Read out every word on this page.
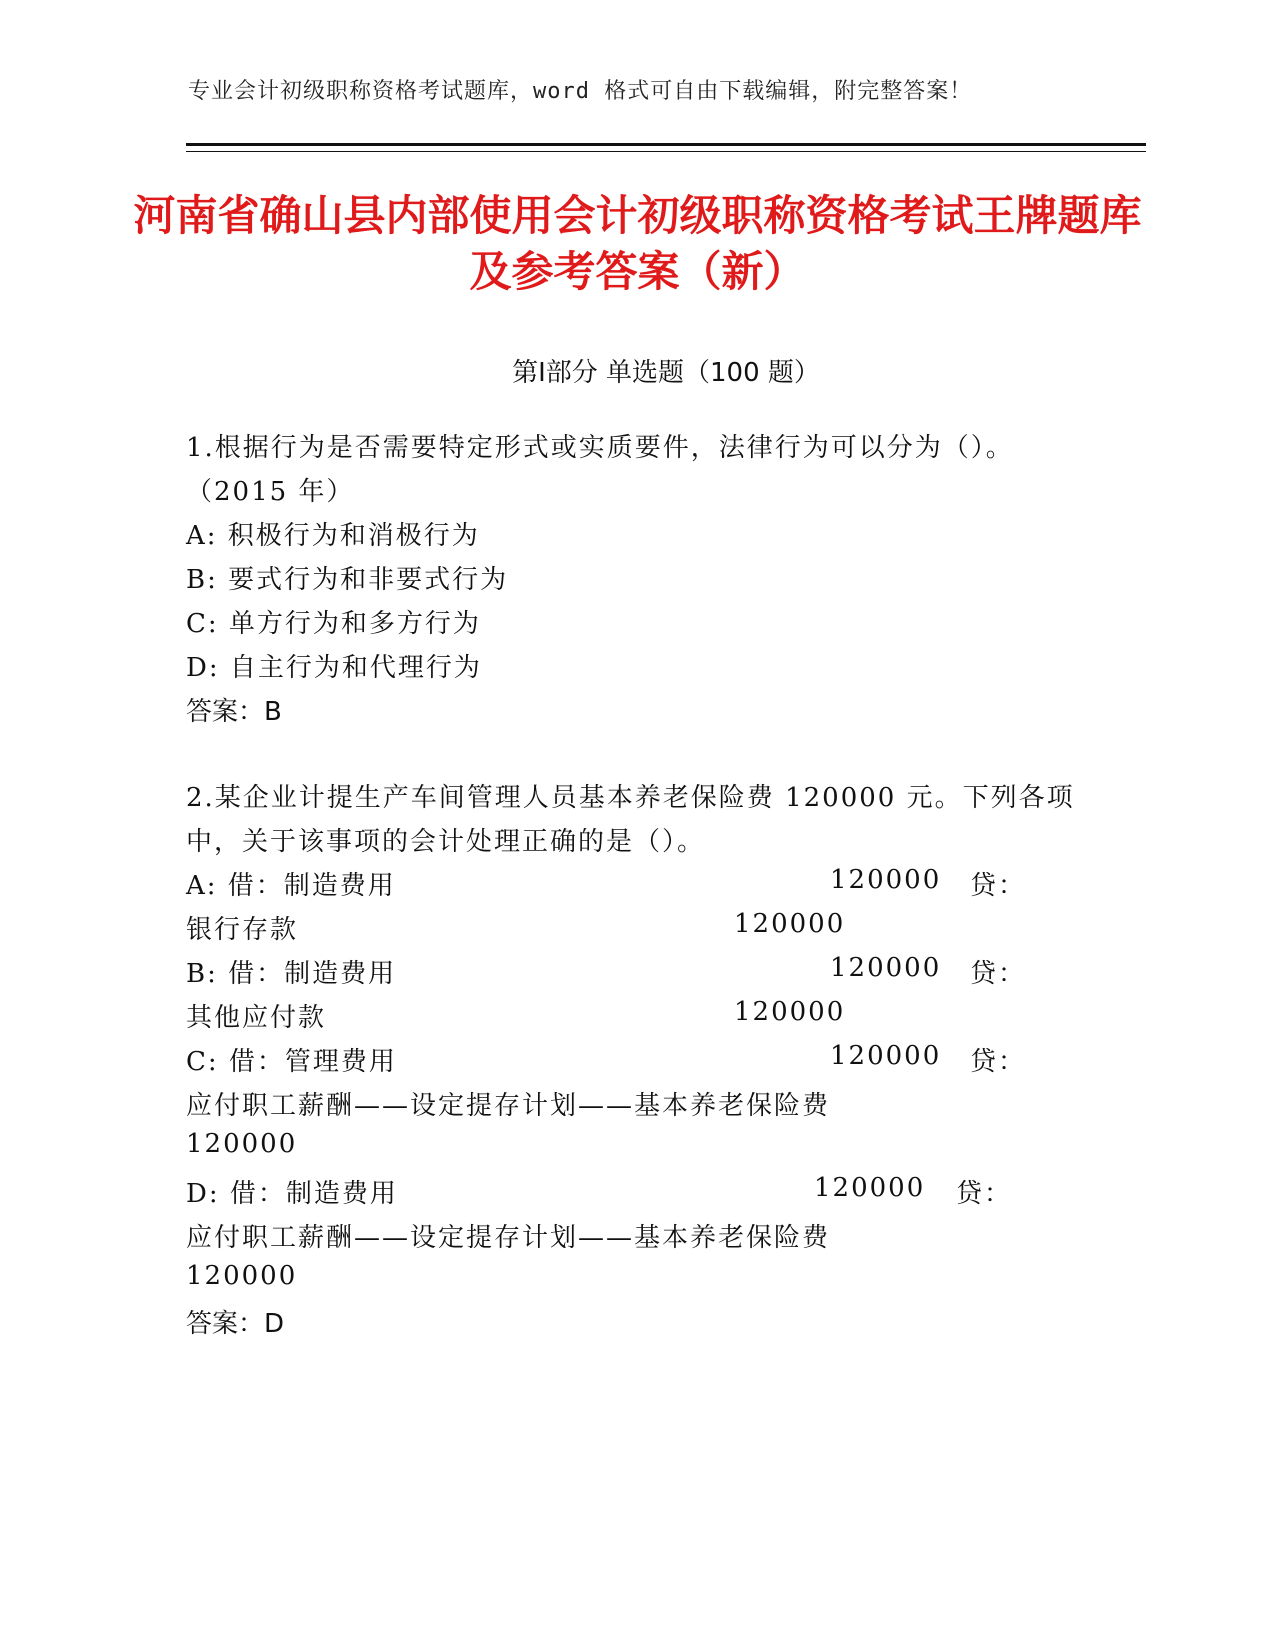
专业会计初级职称资格考试题库，word 格式可自由下载编辑，附完整答案！
河南省确山县内部使用会计初级职称资格考试王牌题库及参考答案（新）
第Ⅰ部分 单选题（100 题）
1.根据行为是否需要特定形式或实质要件，法律行为可以分为（）。
（2015 年）
A: 积极行为和消极行为
B: 要式行为和非要式行为
C: 单方行为和多方行为
D: 自主行为和代理行为
答案：B
2.某企业计提生产车间管理人员基本养老保险费 120000 元。下列各项
中，关于该事项的会计处理正确的是（）。
A: 借：制造费用	120000 贷：
银行存款	120000
B: 借：制造费用	120000 贷：
其他应付款	120000
C: 借：管理费用	120000 贷：
应付职工薪酬——设定提存计划——基本养老保险费
120000
D: 借：制造费用	120000 贷：
应付职工薪酬——设定提存计划——基本养老保险费
120000
答案：D
